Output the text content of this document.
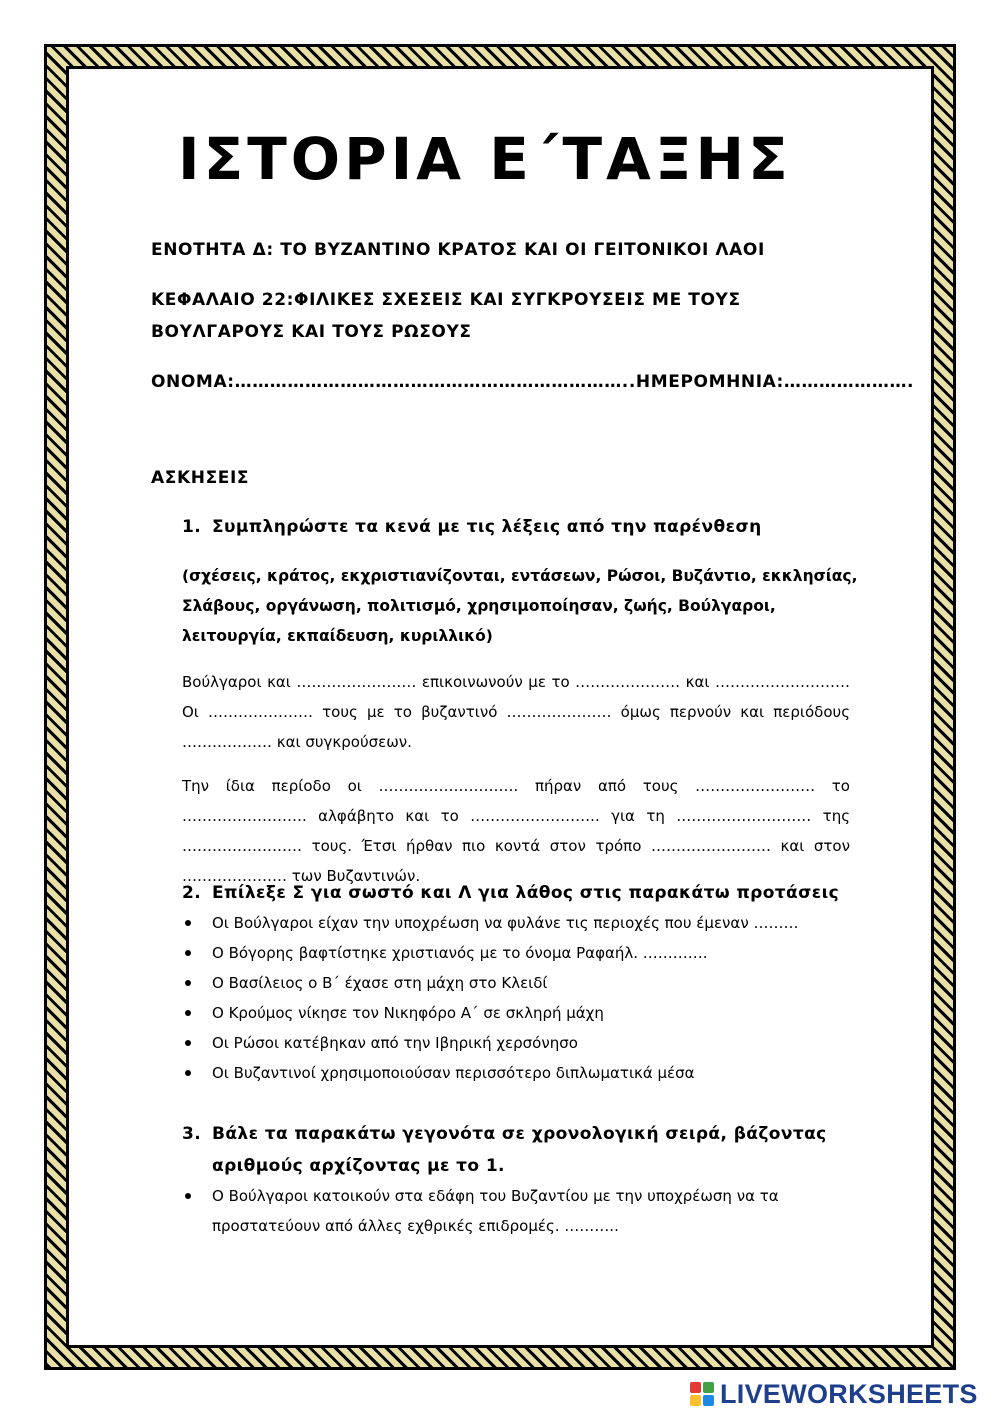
ΙΣΤΟΡΙΑ Ε΄ΤΑΞΗΣ
ΕΝΟΤΗΤΑ Δ: ΤΟ ΒΥΖΑΝΤΙΝΟ ΚΡΑΤΟΣ ΚΑΙ ΟΙ ΓΕΙΤΟΝΙΚΟΙ ΛΑΟΙ
ΚΕΦΑΛΑΙΟ 22:ΦΙΛΙΚΕΣ ΣΧΕΣΕΙΣ ΚΑΙ ΣΥΓΚΡΟΥΣΕΙΣ ΜΕ ΤΟΥΣ ΒΟΥΛΓΑΡΟΥΣ ΚΑΙ ΤΟΥΣ ΡΩΣΟΥΣ
ΟΝΟΜΑ:…………………………………………………………..ΗΜΕΡΟΜΗΝΙΑ:………………….
ΑΣΚΗΣΕΙΣ
1. Συμπληρώστε τα κενά με τις λέξεις από την παρένθεση
(σχέσεις, κράτος, εκχριστιανίζονται, εντάσεων, Ρώσοι, Βυζάντιο, εκκλησίας, Σλάβους, οργάνωση, πολιτισμό, χρησιμοποίησαν, ζωής, Βούλγαροι, λειτουργία, εκπαίδευση, κυριλλικό)
Βούλγαροι και …………………… επικοινωνούν με το ………………… και ……………………… Οι ………………… τους με το βυζαντινό ………………… όμως περνούν και περιόδους ……………… και συγκρούσεων.
Την ίδια περίοδο οι ………………………. πήραν από τους …………………… το ……………………. αλφάβητο και το …………………….. για τη ……………………… της …………………… τους. Έτσι ήρθαν πιο κοντά στον τρόπο …………………… και στον ………………… των Βυζαντινών.
2. Επίλεξε Σ για σωστό και Λ για λάθος στις παρακάτω προτάσεις
Οι Βούλγαροι είχαν την υποχρέωση να φυλάνε τις περιοχές που έμεναν ………
Ο Βόγορης βαφτίστηκε χριστιανός με το όνομα Ραφαήλ. ………….
Ο Βασίλειος ο Β΄ έχασε στη μάχη στο Κλειδί
Ο Κρούμος νίκησε τον Νικηφόρο Α΄ σε σκληρή μάχη
Οι Ρώσοι κατέβηκαν από την Ιβηρική χερσόνησο
Οι Βυζαντινοί χρησιμοποιούσαν περισσότερο διπλωματικά μέσα
3. Βάλε τα παρακάτω γεγονότα σε χρονολογική σειρά, βάζοντας αριθμούς αρχίζοντας με το 1.
Ο Βούλγαροι κατοικούν στα εδάφη του Βυζαντίου με την υποχρέωση να τα προστατεύουν από άλλες εχθρικές επιδρομές. ………..
LIVEWORKSHEETS
